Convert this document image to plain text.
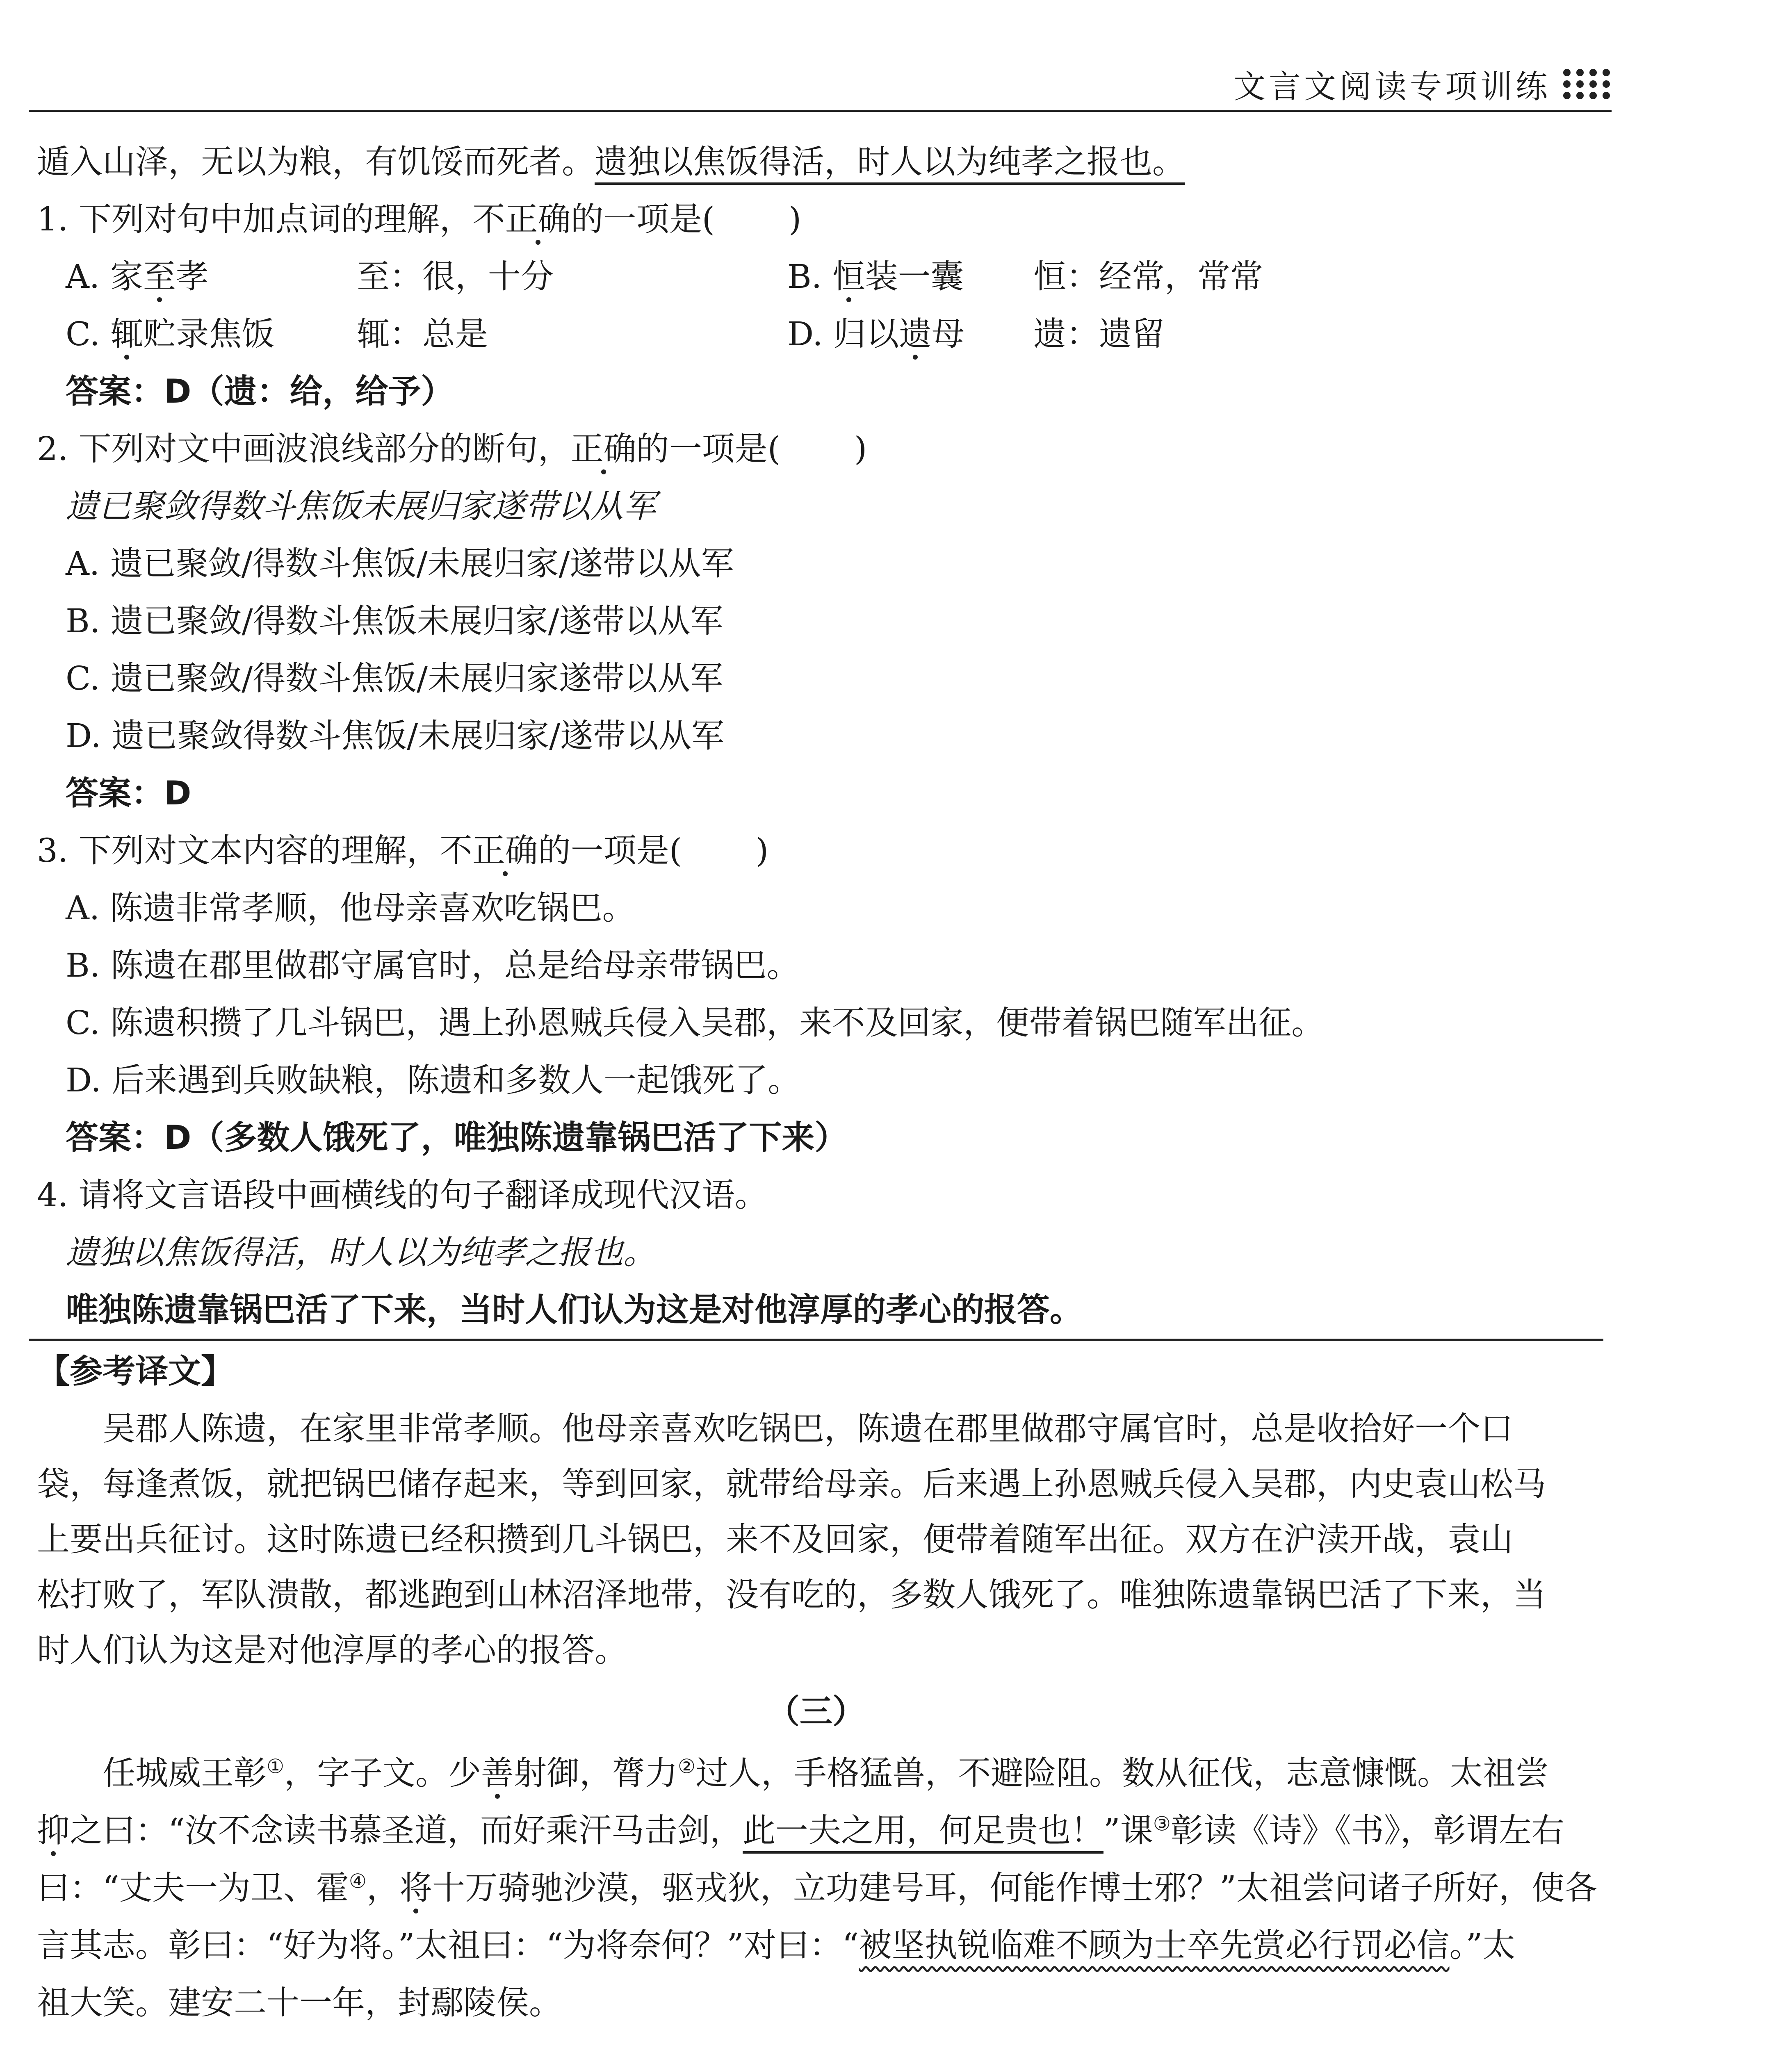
文言文阅读专项训练
遁入山泽，无以为粮，有饥馁而死者。遗独以焦饭得活，时人以为纯孝之报也。
1. 下列对句中加点词的理解，不正确的一项是( )
A. 家至孝	至：很，十分	B. 恒装一囊 恒：经常，常常
C. 辄贮录焦饭	辄：总是	D. 归以遗母 遗：遗留
答案：D（遗：给，给予）
2. 下列对文中画波浪线部分的断句，正确的一项是( )
遗已聚敛得数斗焦饭未展归家遂带以从军
A. 遗已聚敛/得数斗焦饭/未展归家/遂带以从军
B. 遗已聚敛/得数斗焦饭未展归家/遂带以从军
C. 遗已聚敛/得数斗焦饭/未展归家遂带以从军
D. 遗已聚敛得数斗焦饭/未展归家/遂带以从军
答案：D
3. 下列对文本内容的理解，不正确的一项是( )
A. 陈遗非常孝顺，他母亲喜欢吃锅巴。
B. 陈遗在郡里做郡守属官时，总是给母亲带锅巴。
C. 陈遗积攒了几斗锅巴，遇上孙恩贼兵侵入吴郡，来不及回家，便带着锅巴随军出征。
D. 后来遇到兵败缺粮，陈遗和多数人一起饿死了。
答案：D（多数人饿死了，唯独陈遗靠锅巴活了下来）
4. 请将文言语段中画横线的句子翻译成现代汉语。
遗独以焦饭得活，时人以为纯孝之报也。
唯独陈遗靠锅巴活了下来，当时人们认为这是对他淳厚的孝心的报答。
【参考译文】
吴郡人陈遗，在家里非常孝顺。他母亲喜欢吃锅巴，陈遗在郡里做郡守属官时，总是收拾好一个口
袋，每逢煮饭，就把锅巴储存起来，等到回家，就带给母亲。后来遇上孙恩贼兵侵入吴郡，内史袁山松马
上要出兵征讨。这时陈遗已经积攒到几斗锅巴，来不及回家，便带着随军出征。双方在沪渎开战，袁山
松打败了，军队溃散，都逃跑到山林沼泽地带，没有吃的，多数人饿死了。唯独陈遗靠锅巴活了下来，当
时人们认为这是对他淳厚的孝心的报答。
（三）
任城威王彰①，字子文。少善射御，膂力②过人，手格猛兽，不避险阻。数从征伐，志意慷慨。太祖尝
抑之曰：“汝不念读书慕圣道，而好乘汗马击剑，此一夫之用，何足贵也！”课③彰读《诗》《书》，彰谓左右
曰：“丈夫一为卫、霍④，将十万骑驰沙漠，驱戎狄，立功建号耳，何能作博士邪？”太祖尝问诸子所好，使各
言其志。彰曰：“好为将。”太祖曰：“为将奈何？”对曰：“被坚执锐临难不顾为士卒先赏必行罚必信。”太
祖大笑。建安二十一年，封鄢陵侯。
